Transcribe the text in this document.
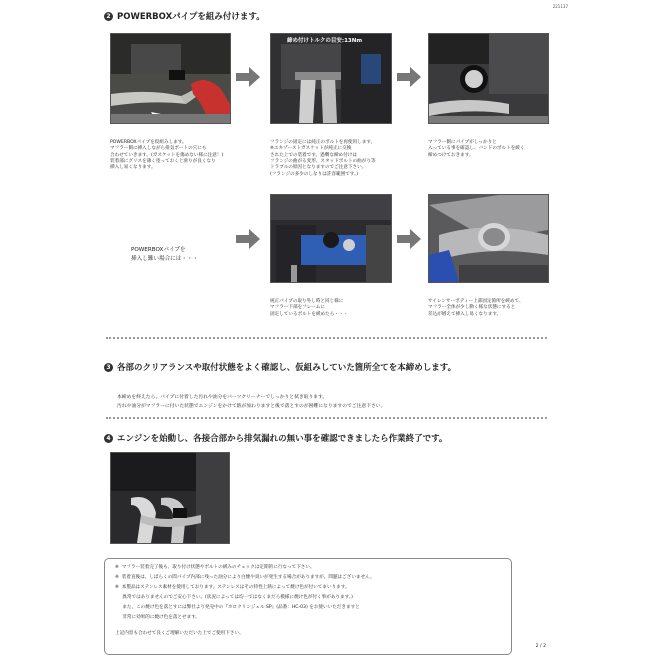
221137
2 POWERBOXパイプを組み付けます。

POWERBOXパイプを仮組みします。
マフラー側に挿入しながら排気ポートの穴にも
合わせていきます。(ガスケットを傷めない様に注意！)
装着部にグリスを薄く塗っておくと滑りが良くなり
挿入し易くなります。

締め付けトルクの目安:13Nm

フランジの固定には純正のボルトを再使用します。
※エキゾーストガスケットが純正に交換
された上での装着です。過剰な締め付けは
フランジの曲がる変形、スタッドボルトの曲がり等
トラブルの原因となりますのでご注意下さい。
(フランジの多少のしなりは許容範囲です。)

マフラー側にパイプがしっかりと
入っている事を確認し、バンドのボルトを緩く
締めつけておきます。

POWERBOXパイプを
挿入し難い場合には・・・

純正パイプの取り外し時と同じ様に
マフラー下部をフレームに
固定しているボルトを緩めたら・・・

サイレンサーボディー上部固定箇所を緩めて、
マフラー全体が少し動く様な状態にすると
差込が増えて挿入し易くなります。

3 各部のクリアランスや取付状態をよく確認し、仮組みしていた箇所全てを本締めします。

本締めを終えたら、パイプに付着した汚れや油分をパーツクリーナーでしっかりと拭き取ります。
汚れや油分がマフラーに付いた状態でエンジンをかけて熱が加わりますと後で落とすのが困難になりますのでご注意下さい。

4 エンジンを始動し、各接合部から排気漏れの無い事を確認できましたら作業終了です。
※  マフラー装着完了後も、取り付け状態やボルトの緩みのチェックは定期的に行なって下さい。
※  装着直後は、しばらくの間パイプ内部に残った油分により白煙や臭いが発生する場合がありますが、問題はございません。
※  本製品はステンレス素材を使用しております。ステンレスはその特性上熱によって焼け色が付いてまいります。
異常ではありませんのでご安心下さい。(状況によっては均一ではなくまだら模様に焼け色が付く事があります。)
また、この焼け色を落とすには弊社より発売中の『ホロクリンジェル SP』(品番：HC-03) をお使いいただきますと
非常に効果的に焼け色を落とせます。
上記内容も合わせて良くご理解いただいた上でご使用下さい。
2 / 2
